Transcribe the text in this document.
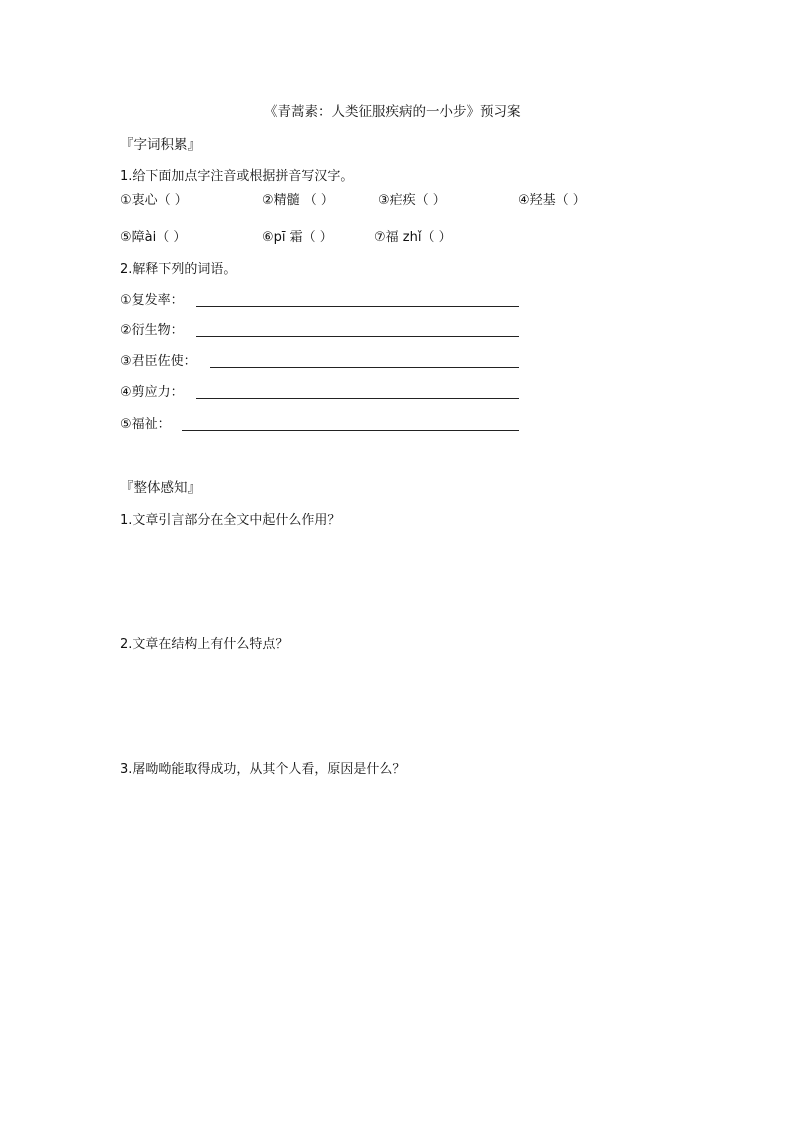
《青蒿素：人类征服疾病的一小步》预习案
『字词积累』
1.给下面加点字注音或根据拼音写汉字。
①衷心（ ）	②精髓 （ ）	③疟疾（ ）	④羟基（ ）
⑤障ài（ ）	⑥pī 霜（ ）	⑦福 zhǐ（ ）
2.解释下列的词语。
①复发率：
②衍生物：
③君臣佐使：
④剪应力：
⑤福祉：
『整体感知』
1.文章引言部分在全文中起什么作用？
2.文章在结构上有什么特点？
3.屠呦呦能取得成功，从其个人看，原因是什么？
